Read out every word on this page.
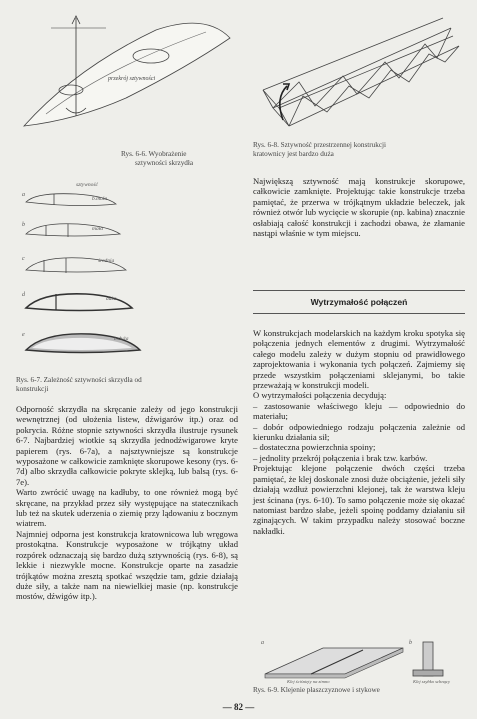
przekrój sztywności
Rys. 6-6. Wyobrażenie
sztywności skrzydła
sztywność
a
b.mała
b
mała
c	średnia
d
duża
e
b.duża
Rys. 6-7. Zależność sztywności skrzydła od
konstrukcji

Odporność skrzydła na skręcanie zależy od jego konstrukcji wewnętrznej (od ułożenia listew, dźwigarów itp.) oraz od pokrycia. Różne stopnie sztywności skrzydła ilustruje rysunek 6-7. Najbardziej wiotkie są skrzydła jednodźwigarowe kryte papierem (rys. 6-7a), a najsztywniejsze są konstrukcje wyposażone w całkowicie zamknięte skorupowe kesony (rys. 6-7d) albo skrzydła całkowicie pokryte sklejką, lub balsą (rys. 6-7e).

Warto zwrócić uwagę na kadłuby, to one również mogą być skręcane, na przykład przez siły występujące na statecznikach lub też na skutek uderzenia o ziemię przy lądowaniu z bocznym wiatrem.

Najmniej odporna jest konstrukcja kratownicowa lub wręgowa prostokątna. Konstrukcje wyposażone w trójkątny układ rozpórek odznaczają się bardzo dużą sztywnością (rys. 6-8), są lekkie i niezwykle mocne. Konstrukcje oparte na zasadzie trójkątów można zresztą spotkać wszędzie tam, gdzie działają duże siły, a także nam na niewielkiej masie (np. konstrukcje mostów, dźwigów itp.).

Rys. 6-8. Sztywność przestrzennej konstrukcji
kratownicy jest bardzo duża

Największą sztywność mają konstrukcje skorupowe, całkowicie zamknięte. Projektując takie konstrukcje trzeba pamiętać, że przerwa w trójkątnym układzie beleczek, jak również otwór lub wycięcie w skorupie (np. kabina) znacznie osłabiają całość konstrukcji i zachodzi obawa, że złamanie nastąpi właśnie w tym miejscu.

Wytrzymałość połączeń

W konstrukcjach modelarskich na każdym kroku spotyka się połączenia jednych elementów z drugimi. Wytrzymałość całego modelu zależy w dużym stopniu od prawidłowego zaprojektowania i wykonania tych połączeń. Zajmiemy się przede wszystkim połączeniami sklejanymi, bo takie przeważają w konstrukcji modeli.

O wytrzymałości połączenia decydują:

– zastosowanie właściwego kleju — odpowiednio do materiału;

– dobór odpowiedniego rodzaju połączenia zależnie od kierunku działania sił;

– dostateczna powierzchnia spoiny;

– jednolity przekrój połączenia i brak tzw. karbów.

Projektując klejone połączenie dwóch części trzeba pamiętać, że klej doskonale znosi duże obciążenie, jeżeli siły działają wzdłuż powierzchni klejonej, tak że warstwa kleju jest ścinana (rys. 6-10). To samo połączenie może się okazać natomiast bardzo słabe, jeżeli spoinę poddamy działaniu sił zginających. W takim przypadku należy stosować boczne nakładki.

a
Klej ściśnięty na zimno
b
Klej szybko schnący
Rys. 6-9. Klejenie płaszczyznowe i stykowe
— 82 —
